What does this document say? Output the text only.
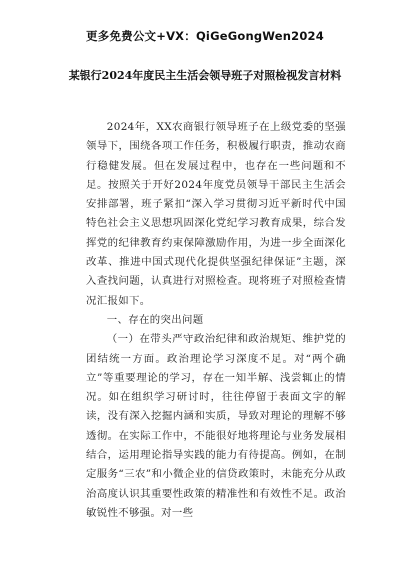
更多免费公文+VX：QiGeGongWen2024
某银行2024年度民主生活会领导班子对照检视发言材料

2024年，XX农商银行领导班子在上级党委的坚强领导下，围绕各项工作任务，积极履行职责，推动农商行稳健发展。但在发展过程中，也存在一些问题和不足。按照关于开好2024年度党员领导干部民主生活会安排部署，班子紧扣“深入学习贯彻习近平新时代中国特色社会主义思想巩固深化党纪学习教育成果，综合发挥党的纪律教育约束保障激励作用，为进一步全面深化改革、推进中国式现代化提供坚强纪律保证”主题，深入查找问题，认真进行对照检查。现将班子对照检查情况汇报如下。

一、存在的突出问题

（一）在带头严守政治纪律和政治规矩、维护党的团结统一方面。政治理论学习深度不足。对“两个确立”等重要理论的学习，存在一知半解、浅尝辄止的情况。如在组织学习研讨时，往往停留于表面文字的解读，没有深入挖掘内涵和实质，导致对理论的理解不够透彻。在实际工作中，不能很好地将理论与业务发展相结合，运用理论指导实践的能力有待提高。例如，在制定服务“三农”和小微企业的信贷政策时，未能充分从政治高度认识其重要性政策的精准性和有效性不足。政治敏锐性不够强。对一些
